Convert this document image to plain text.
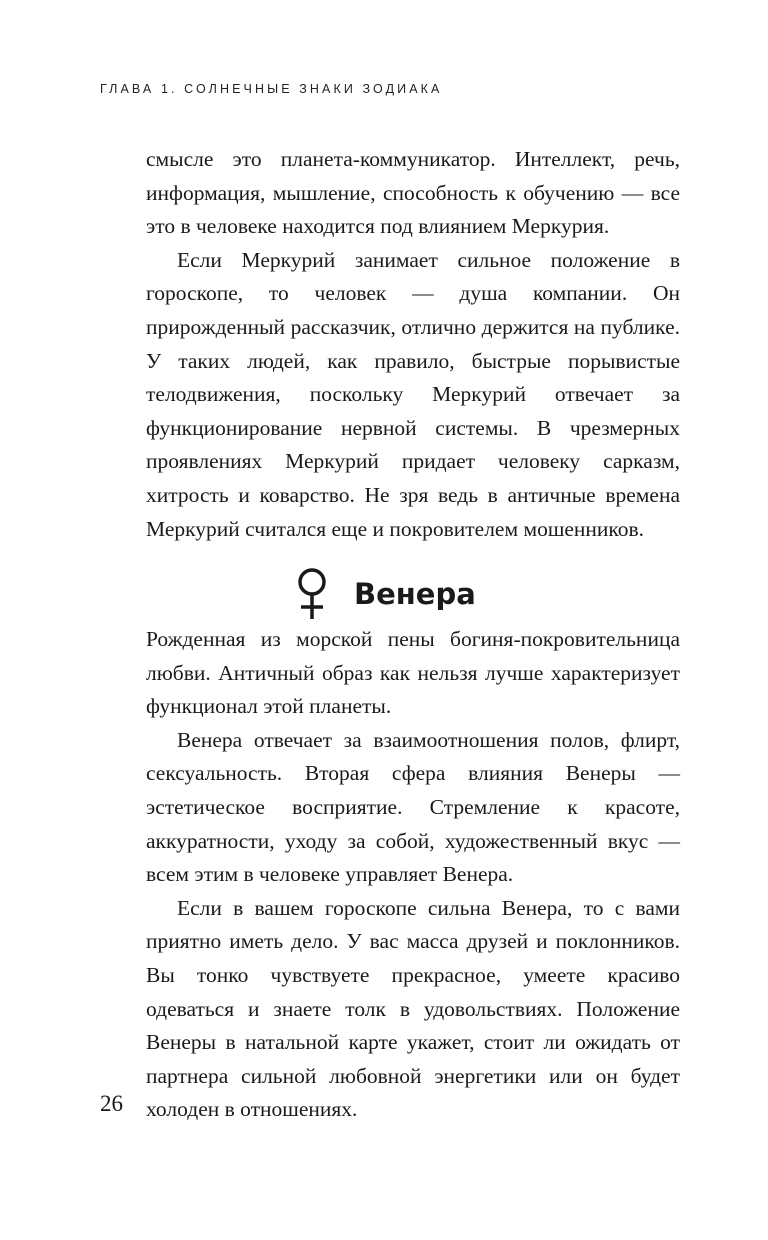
ГЛАВА 1. СОЛНЕЧНЫЕ ЗНАКИ ЗОДИАКА

смысле это планета-коммуникатор. Интеллект, речь, информация, мышление, способность к обучению — все это в человеке находится под влиянием Меркурия.

Если Меркурий занимает сильное положение в гороскопе, то человек — душа компании. Он прирожденный рассказчик, отлично держится на публике. У таких людей, как правило, быстрые порывистые телодвижения, поскольку Меркурий отвечает за функционирование нервной системы. В чрезмерных проявлениях Меркурий придает человеку сарказм, хитрость и коварство. Не зря ведь в античные времена Меркурий считался еще и покровителем мошенников.

Венера

Рожденная из морской пены богиня-покровительница любви. Античный образ как нельзя лучше характеризует функционал этой планеты.

Венера отвечает за взаимоотношения полов, флирт, сексуальность. Вторая сфера влияния Венеры — эстетическое восприятие. Стремление к красоте, аккуратности, уходу за собой, художественный вкус — всем этим в человеке управляет Венера.

Если в вашем гороскопе сильна Венера, то с вами приятно иметь дело. У вас масса друзей и поклонников. Вы тонко чувствуете прекрасное, умеете красиво одеваться и знаете толк в удовольствиях. Положение Венеры в натальной карте укажет, стоит ли ожидать от партнера сильной любовной энергетики или он будет холоден в отношениях.

26
